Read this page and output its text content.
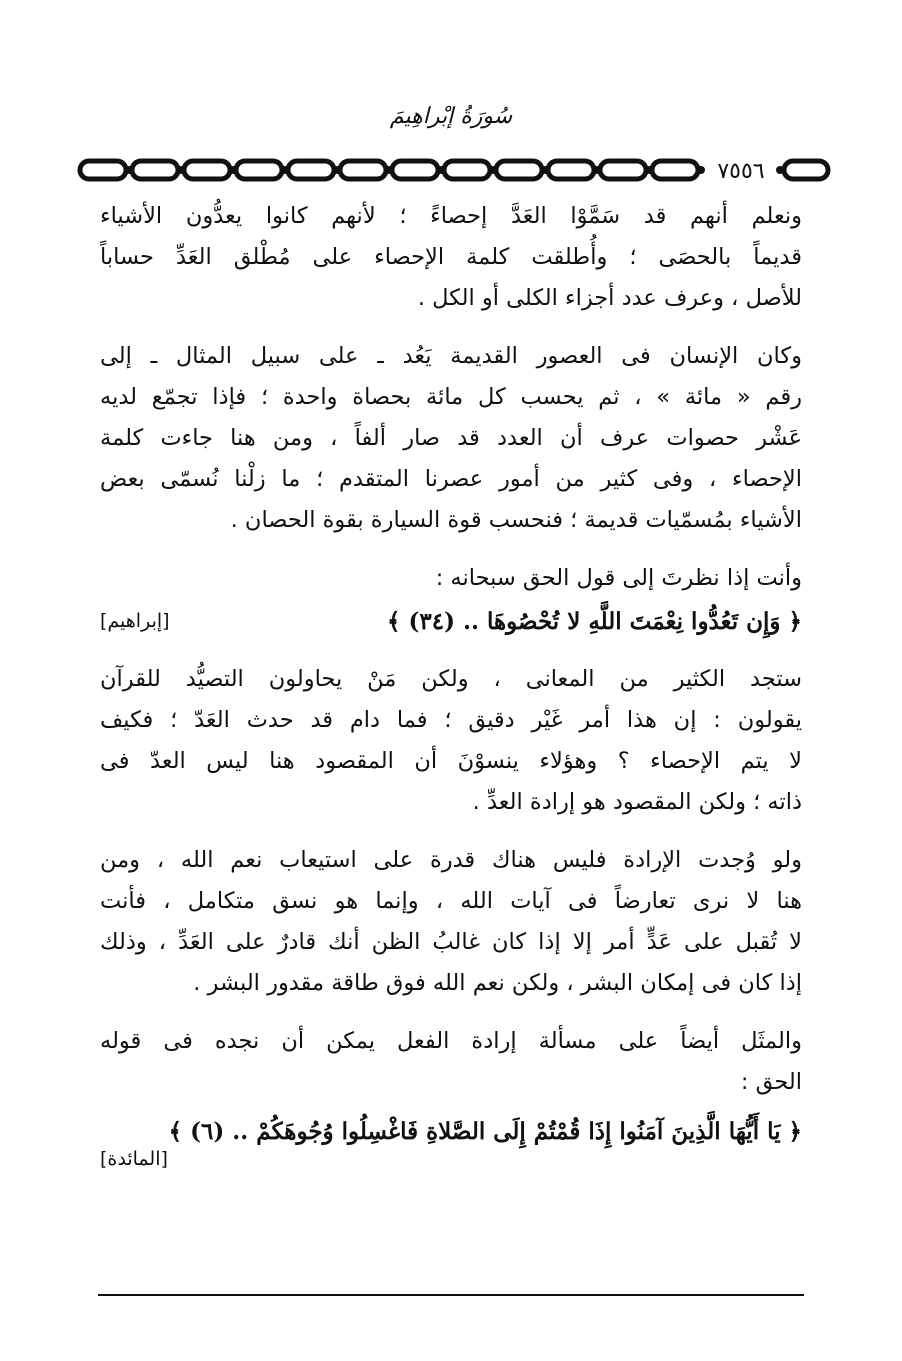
سُورَةُ إبْراهِيمَ
٧٥٥٦

ونعلم أنهم قد سَمَّوْا العَدَّ إحصاءً ؛ لأنهم كانوا يعدُّون الأشياء
قديماً بالحصَى ؛ وأُطلقت كلمة الإحصاء على مُطْلق العَدِّ حساباً
للأصل ، وعرف عدد أجزاء الكلى أو الكل .

وكان الإنسان فى العصور القديمة يَعُد ـ على سبيل المثال ـ إلى
رقم « مائة » ، ثم يحسب كل مائة بحصاة واحدة ؛ فإذا تجمّع لديه
عَشْر حصوات عرف أن العدد قد صار ألفاً ، ومن هنا جاءت كلمة
الإحصاء ، وفى كثير من أمور عصرنا المتقدم ؛ ما زلْنا نُسمّى بعض
الأشياء بمُسمّيات قديمة ؛ فنحسب قوة السيارة بقوة الحصان .

وأنت إذا نظرتَ إلى قول الحق سبحانه :

﴿ وَإِن تَعُدُّوا نِعْمَتَ اللَّهِ لا تُحْصُوهَا .. (٣٤) ﴾
[إبراهيم]

ستجد الكثير من المعانى ، ولكن مَنْ يحاولون التصيُّد للقرآن
يقولون : إن هذا أمر غَيْر دقيق ؛ فما دام قد حدث العَدّ ؛ فكيف
لا يتم الإحصاء ؟ وهؤلاء ينسوْنَ أن المقصود هنا ليس العدّ فى
ذاته ؛ ولكن المقصود هو إرادة العدِّ .

ولو وُجدت الإرادة فليس هناك قدرة على استيعاب نعم الله ، ومن
هنا لا نرى تعارضاً فى آيات الله ، وإنما هو نسق متكامل ، فأنت
لا تُقبل على عَدٍّ أمر إلا إذا كان غالبُ الظن أنك قادرٌ على العَدِّ ، وذلك
إذا كان فى إمكان البشر ، ولكن نعم الله فوق طاقة مقدور البشر .

والمثَل أيضاً على مسألة إرادة الفعل يمكن أن نجده فى قوله
الحق :

﴿ يَا أَيُّهَا الَّذِينَ آمَنُوا إِذَا قُمْتُمْ إِلَى الصَّلاةِ فَاغْسِلُوا وُجُوهَكُمْ .. (٦) ﴾
[المائدة]
